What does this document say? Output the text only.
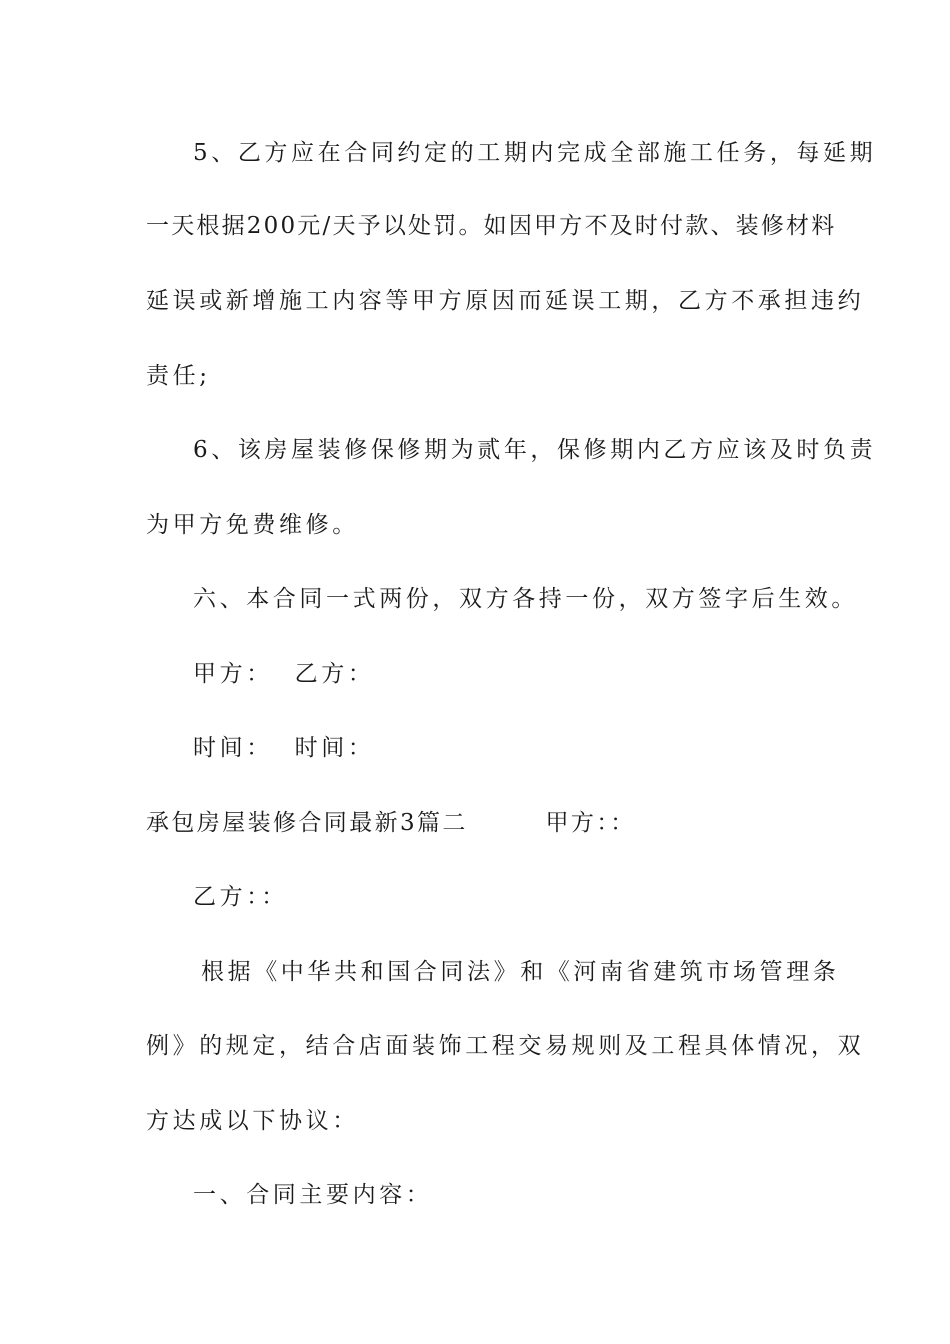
5、乙方应在合同约定的工期内完成全部施工任务，每延期
一天根据200元/天予以处罚。如因甲方不及时付款、装修材料
延误或新增施工内容等甲方原因而延误工期，乙方不承担违约
责任;
6、该房屋装修保修期为贰年，保修期内乙方应该及时负责
为甲方免费维修。
六、本合同一式两份，双方各持一份，双方签字后生效。
甲方：  乙方：
时间：  时间：
承包房屋装修合同最新3篇二        甲方：：
乙方：：
根据《中华共和国合同法》和《河南省建筑市场管理条
例》的规定，结合店面装饰工程交易规则及工程具体情况，双
方达成以下协议：
一、合同主要内容：
